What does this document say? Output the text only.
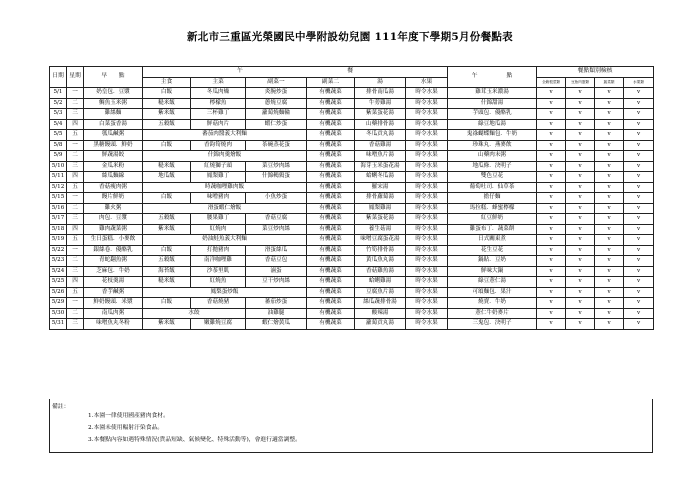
新北市三重區光榮國民中學附設幼兒園 111年度下學期5月份餐點表
日期	星期	早　　點	午　　　　　　　　　　　　　　　　　　餐						午　　　　　點	餐點類別檢核			
			主食	主菜	副菜一	副菜二	湯	水果		全穀根莖類	豆魚肉蛋類	蔬菜類	水果類
5/1	一	奶皇包．豆漿	白飯	冬瓜肉燥	炎腕炒蛋	有機蔬菜	排骨南瓜湯	時令水果	雞茸玉米濃湯	v	v	v	v
5/2	二	鯛魚玉米粥	糙米飯	檸檬魚	蔥燒豆腐	有機蔬菜	牛蒡雞湯	時令水果	什錦甜湯	v	v	v	v
5/3	三	雞絲麵	紫米飯	三杯雞丁	蘿蔔燒麵輪	有機蔬菜	紫菜蛋花湯	時令水果	芋頭包．優酪乳	v	v	v	v
5/4	四	白菜蛋香湯	五穀飯	鮮菇肉片	蝦仁炒蛋	有機蔬菜	山藥排骨湯	時令水果	綠豆地瓜湯	v	v	v	v
5/5	五	瓠瓜鹹粥	蕃茄肉醬義大利麵			有機蔬菜	冬瓜貢丸湯	時令水果	鬼祿蝴蝶麵包．牛奶	v	v	v	v
5/8	一	黑糖饅頭．鮮奶	白飯	香鈞筍燒肉	茶碗蒸花蛋	有機蔬菜	香菇雞湯	時令水果	珍珠丸．燕麥飲	v	v	v	v
5/9	二	鮮蔬湯餃	什錦肉羹燴飯			有機蔬菜	味噌魚片湯	時令水果	山藥肉末粥	v	v	v	v
5/10	三	金瓜米粉	糙米飯	紅燒獅子頭	菜豆炒肉絲	有機蔬菜	海芽玉米蛋花湯	時令水果	地瓜條．決明子	v	v	v	v
5/11	四	絲瓜麵線	地瓜飯	鳳梨雞丁	什錦鵪鶉蛋	有機蔬菜	蛤蜊冬瓜湯	時令水果	雙色豆花	v	v	v	v
5/12	五	香菇瘦肉粥	時蔬咖哩雞肉飯			有機蔬菜	羅宋湯	時令水果	葡萄吐司．仙草茶	v	v	v	v
5/15	一	饅片鮮奶	白飯	味噌豬肉	小魚炒蛋	有機蔬菜	排骨蘿蔔湯	時令水果	擔仔麵	v	v	v	v
5/16	二	雞火粥	滑蛋蝦仁燴飯			有機蔬菜	鳳梨雞湯	時令水果	馬拉糕．蜂蜜檸檬	v	v	v	v
5/17	三	肉包．豆漿	五穀飯	腰果雞丁	香菇豆腐	有機蔬菜	紫菜蛋花湯	時令水果	紅豆鮮奶	v	v	v	v
5/18	四	雞肉蔬菜粥	紫米飯	紅燒肉	菜豆炒肉絲	有機蔬菜	養生菇湯	時令水果	雞蛋布丁．蔬菜餅	v	v	v	v
5/19	五	生日蛋糕．小麥飲	奶油鮭魚義大利麵			有機蔬菜	味噌豆腐蛋花湯	時令水果	日式關東煮	v	v	v	v
5/22	一	銀絲卷．優酪乳	白飯	打拋豬肉	滑蛋絲瓜	有機蔬菜	竹筍排骨湯	時令水果	花生豆花	v	v	v	v
5/23	二	青蛇翻魚粥	五穀飯	南洋咖哩雞	香菇豆包	有機蔬菜	黃瓜魚丸湯	時令水果	鍋貼．豆奶	v	v	v	v
5/24	三	芝麻包．牛奶	海苔飯	沙茶里肌	滷蛋	有機蔬菜	香菇雞魚湯	時令水果	鮮味大鍋	v	v	v	v
5/25	四	花枝羹湯	糙米飯	紅燒魚	豆干炒肉絲	有機蔬菜	蛤蜊雞湯	時令水果	綠豆薏仁湯	v	v	v	v
5/26	五	香芋鹹粥	鳳梨蛋炒飯			有機蔬菜	豆腐魚片湯	時令水果	可頌麵包．果汁	v	v	v	v
5/29	一	鮮奶饅頭．米漿	白飯	香菇燒豬	蕃茄炒蛋	有機蔬菜	絲瓜蔬排骨湯	時令水果	燒賣．牛奶	v	v	v	v
5/30	二	南瓜肉粥	水餃		油雞腿	有機蔬菜	酸辣湯	時令水果	薏仁牛奶麥片	v	v	v	v
5/31	三	味噌魚丸冬粉	紫米飯	嫩雞燒豆腐	蝦仁燴黃瓜	有機蔬菜	蘿蔔貢丸湯	時令水果	三鬼包．決明子	v	v	v	v
備註：
1.本園一律使用國產豬肉食材。
2.本園未使用輻射汙染食品。
3.本餐點內容如遇特殊情況(貨品短缺、氣候變化、特殊活動等)，會進行適當調整。
